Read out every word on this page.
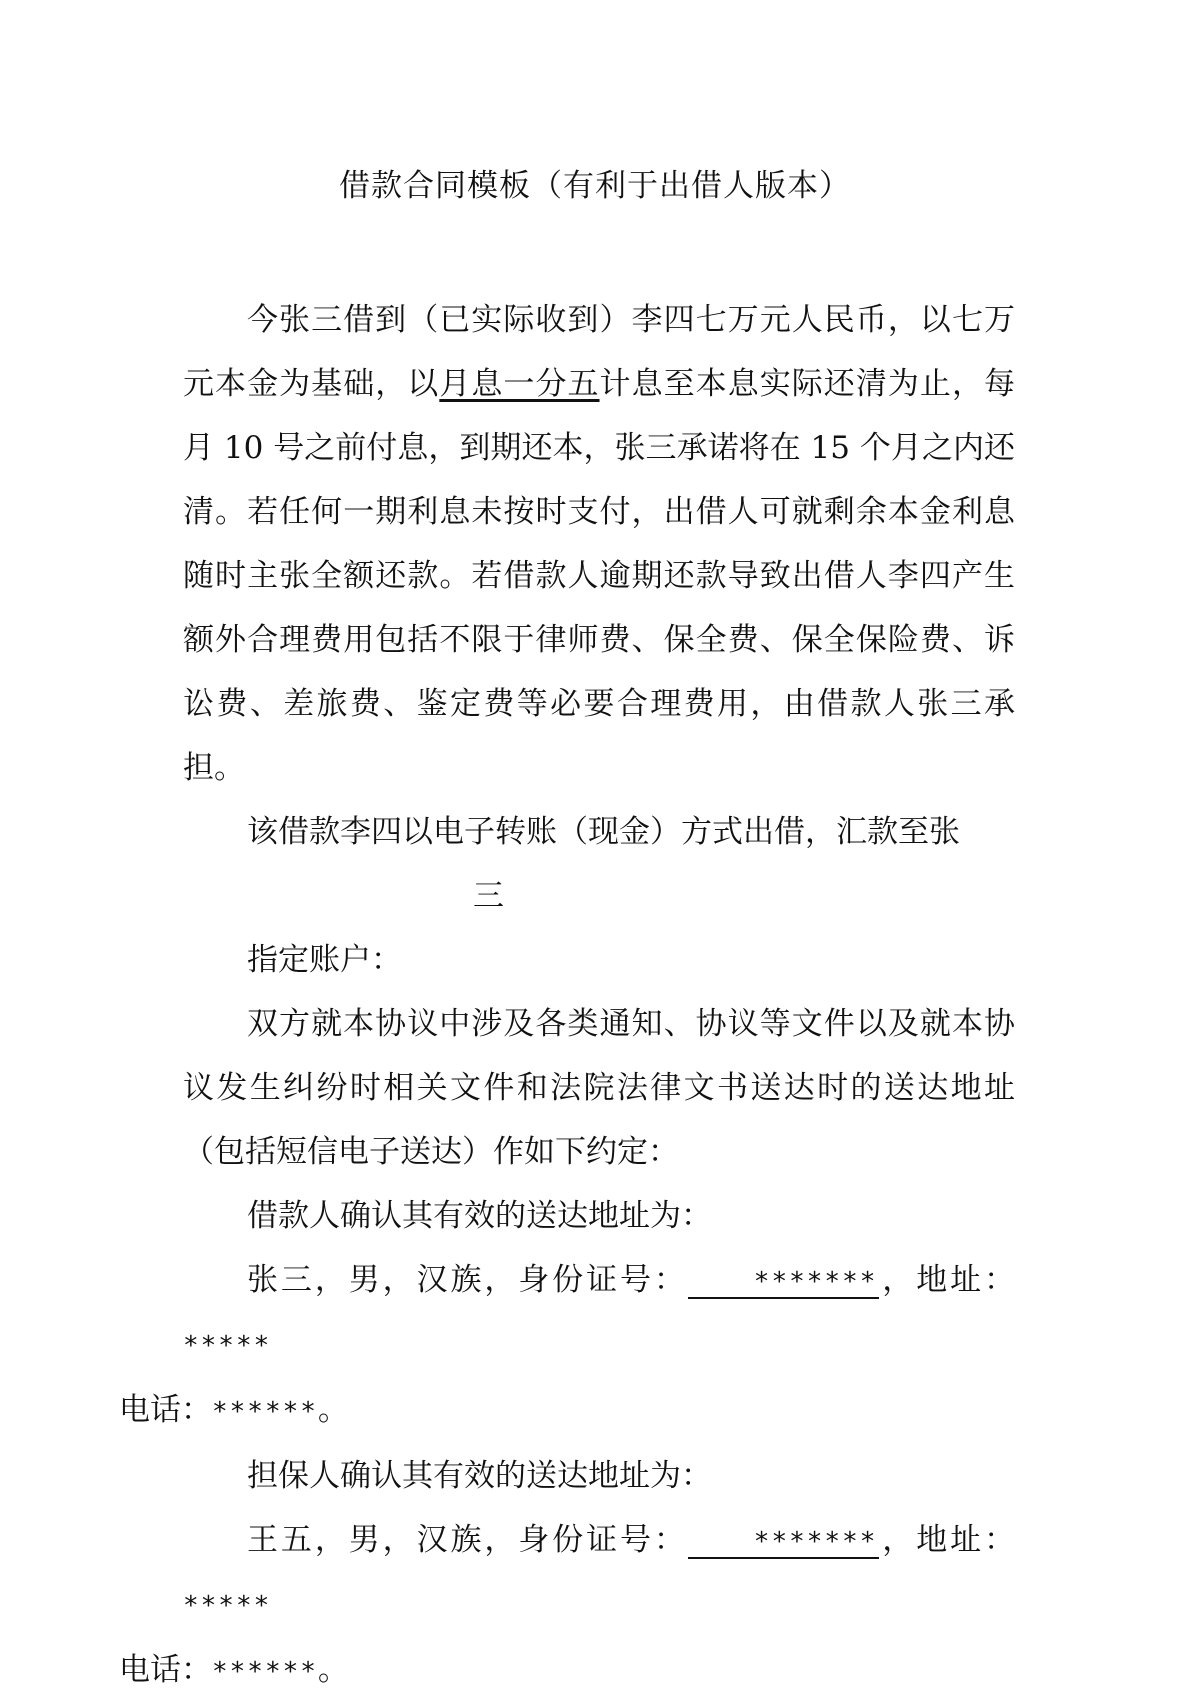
借款合同模板（有利于出借人版本）

今张三借到（已实际收到）李四七万元人民币，以七万元本金为基础，以月息一分五计息至本息实际还清为止，每月 10 号之前付息，到期还本，张三承诺将在 15 个月之内还清。若任何一期利息未按时支付，出借人可就剩余本金利息随时主张全额还款。若借款人逾期还款导致出借人李四产生额外合理费用包括不限于律师费、保全费、保全保险费、诉讼费、差旅费、鉴定费等必要合理费用，由借款人张三承担。

该借款李四以电子转账（现金）方式出借，汇款至张

三

指定账户：

双方就本协议中涉及各类通知、协议等文件以及就本协议发生纠纷时相关文件和法院法律文书送达时的送达地址（包括短信电子送达）作如下约定：

借款人确认其有效的送达地址为：

张三，男，汉族，身份证号：	*******，地址：*****
电话：******。

担保人确认其有效的送达地址为：

王五，男，汉族，身份证号：	*******，地址：*****
电话：******。
